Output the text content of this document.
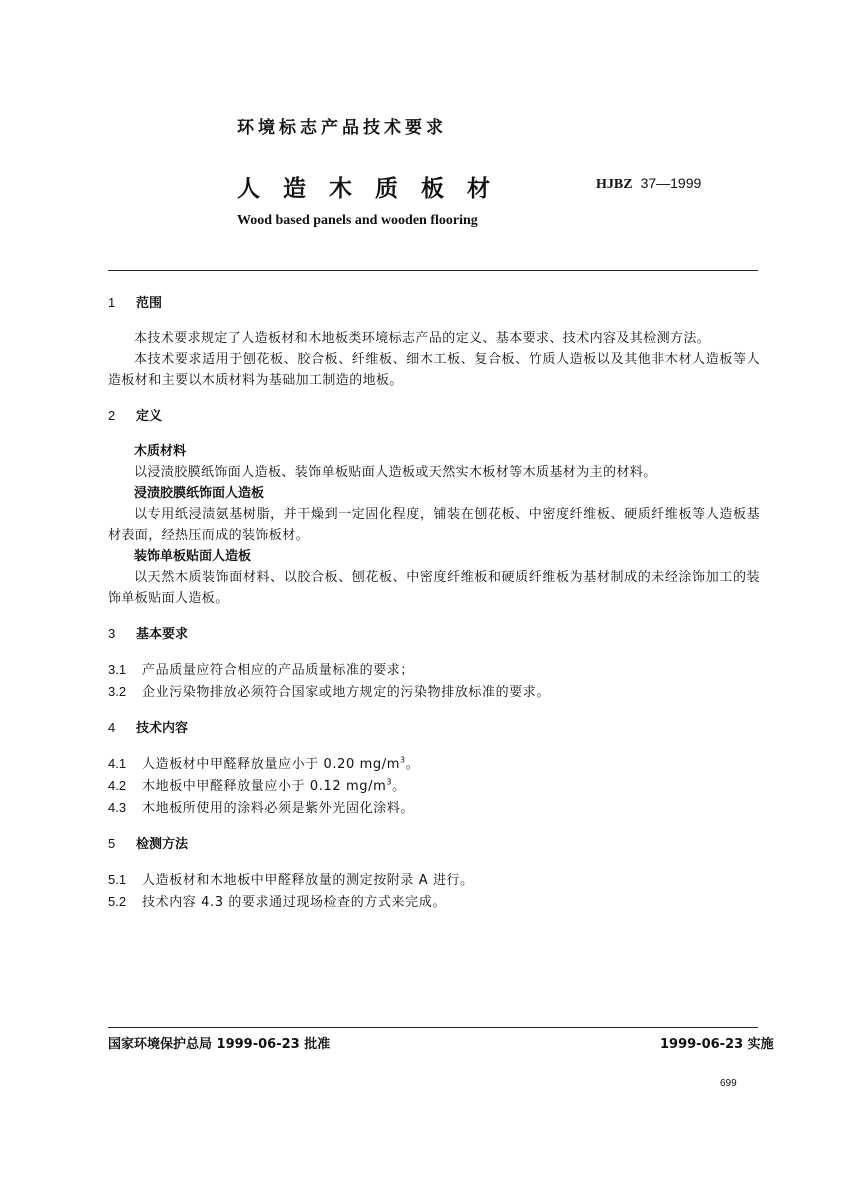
环境标志产品技术要求
人造木质板材	HJBZ 37—1999
Wood based panels and wooden flooring

1 范围

本技术要求规定了人造板材和木地板类环境标志产品的定义、基本要求、技术内容及其检测方法。

本技术要求适用于刨花板、胶合板、纤维板、细木工板、复合板、竹质人造板以及其他非木材人造板等人造板材和主要以木质材料为基础加工制造的地板。

2 定义

木质材料

以浸渍胶膜纸饰面人造板、装饰单板贴面人造板或天然实木板材等木质基材为主的材料。

浸渍胶膜纸饰面人造板

以专用纸浸渍氨基树脂，并干燥到一定固化程度，铺装在刨花板、中密度纤维板、硬质纤维板等人造板基材表面，经热压而成的装饰板材。

装饰单板贴面人造板

以天然木质装饰面材料、以胶合板、刨花板、中密度纤维板和硬质纤维板为基材制成的未经涂饰加工的装饰单板贴面人造板。

3 基本要求

3.1 产品质量应符合相应的产品质量标准的要求；

3.2 企业污染物排放必须符合国家或地方规定的污染物排放标准的要求。

4 技术内容

4.1 人造板材中甲醛释放量应小于 0.20 $mg/m^3$。

4.2 木地板中甲醛释放量应小于 0.12 $mg/m^3$。

4.3 木地板所使用的涂料必须是紫外光固化涂料。

5 检测方法

5.1 人造板材和木地板中甲醛释放量的测定按附录 A 进行。

5.2 技术内容 4.3 的要求通过现场检查的方式来完成。

国家环境保护总局 1999-06-23 批准	1999-06-23 实施
699
